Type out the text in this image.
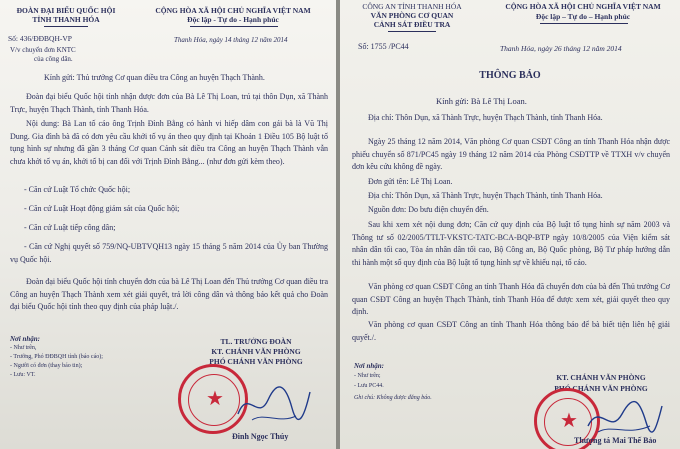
ĐOÀN ĐẠI BIỂU QUỐC HỘI
TỈNH THANH HÓA
CỘNG HÒA XÃ HỘI CHỦ NGHĨA VIỆT NAM
Độc lập - Tự do - Hạnh phúc
Số: 436/ĐĐBQH-VP
V/v chuyển đơn KNTC
của công dân.
Thanh Hóa, ngày 14 tháng 12 năm 2014
Kính gửi: Thủ trưởng Cơ quan điều tra Công an huyện Thạch Thành.
Đoàn đại biểu Quốc hội tỉnh nhận được đơn của Bà Lê Thị Loan, trú tại thôn Dụn, xã Thành Trực, huyện Thạch Thành, tỉnh Thanh Hóa.
Nội dung: Bà Lan tố cáo ông Trịnh Đình Bằng có hành vi hiếp dâm con gái bà là Vũ Thị Dung. Gia đình bà đã có đơn yêu cầu khởi tố vụ án theo quy định tại Khoản 1 Điều 105 Bộ luật tố tụng hình sự nhưng đã gần 3 tháng Cơ quan Cảnh sát điều tra Công an huyện Thạch Thành vẫn chưa khởi tố vụ án, khởi tố bị can đối với Trịnh Đình Bằng... (như đơn gửi kèm theo).
- Căn cứ Luật Tổ chức Quốc hội;
- Căn cứ Luật Hoạt động giám sát của Quốc hội;
- Căn cứ Luật tiếp công dân;
- Căn cứ Nghị quyết số 759/NQ-UBTVQH13 ngày 15 tháng 5 năm 2014 của Ủy ban Thường vụ Quốc hội.
Đoàn đại biểu Quốc hội tỉnh chuyển đơn của bà Lê Thị Loan đến Thủ trưởng Cơ quan điều tra Công an huyện Thạch Thành xem xét giải quyết, trả lời công dân và thông báo kết quả cho Đoàn đại biểu Quốc hội tỉnh theo quy định của pháp luật./.
Nơi nhận:
- Như trên,
- Trưởng, Phó ĐĐBQH tỉnh (báo cáo);
- Người có đơn (thay báo tin);
- Lưu: VT.
TL. TRƯỞNG ĐOÀN
KT. CHÁNH VĂN PHÒNG
PHÓ CHÁNH VĂN PHÒNG
★
Đinh Ngọc Thúy
CÔNG AN TỈNH THANH HÓA
VĂN PHÒNG CƠ QUAN
CẢNH SÁT ĐIỀU TRA
CỘNG HÒA XÃ HỘI CHỦ NGHĨA VIỆT NAM
Độc lập – Tự do – Hạnh phúc
Số: 1755 /PC44	Thanh Hóa, ngày 26 tháng 12 năm 2014
THÔNG BÁO
Kính gửi: Bà Lê Thị Loan.
Địa chỉ: Thôn Dụn, xã Thành Trực, huyện Thạch Thành, tỉnh Thanh Hóa.
Ngày 25 tháng 12 năm 2014, Văn phòng Cơ quan CSĐT Công an tỉnh Thanh Hóa nhận được phiếu chuyển số 871/PC45 ngày 19 tháng 12 năm 2014 của Phòng CSĐTTP về TTXH v/v chuyển đơn kêu cứu không đề ngày.
Đơn gửi tên: Lê Thị Loan.
Địa chỉ: Thôn Dụn, xã Thành Trực, huyện Thạch Thành, tỉnh Thanh Hóa.
Nguồn đơn: Do bưu điện chuyển đến.
Sau khi xem xét nội dung đơn; Căn cứ quy định của Bộ luật tố tụng hình sự năm 2003 và Thông tư số 02/2005/TTLT-VKSTC-TATC-BCA-BQP-BTP ngày 10/8/2005 của Viện kiểm sát nhân dân tối cao, Tòa án nhân dân tối cao, Bộ Công an, Bộ Quốc phòng, Bộ Tư pháp hướng dẫn thi hành một số quy định của Bộ luật tố tụng hình sự về khiếu nại, tố cáo.
Văn phòng cơ quan CSĐT Công an tỉnh Thanh Hóa đã chuyển đơn của bà đến Thủ trưởng Cơ quan CSĐT Công an huyện Thạch Thành, tỉnh Thanh Hóa để được xem xét, giải quyết theo quy định.
Văn phòng cơ quan CSĐT Công an tỉnh Thanh Hóa thông báo để bà biết tiện liên hệ giải quyết./.
Nơi nhận:
- Như trên;
- Lưu PC44.
Ghi chú: Không được đăng báo.
KT. CHÁNH VĂN PHÒNG
PHÓ CHÁNH VĂN PHÒNG
★
Thượng tá Mai Thế Bảo
